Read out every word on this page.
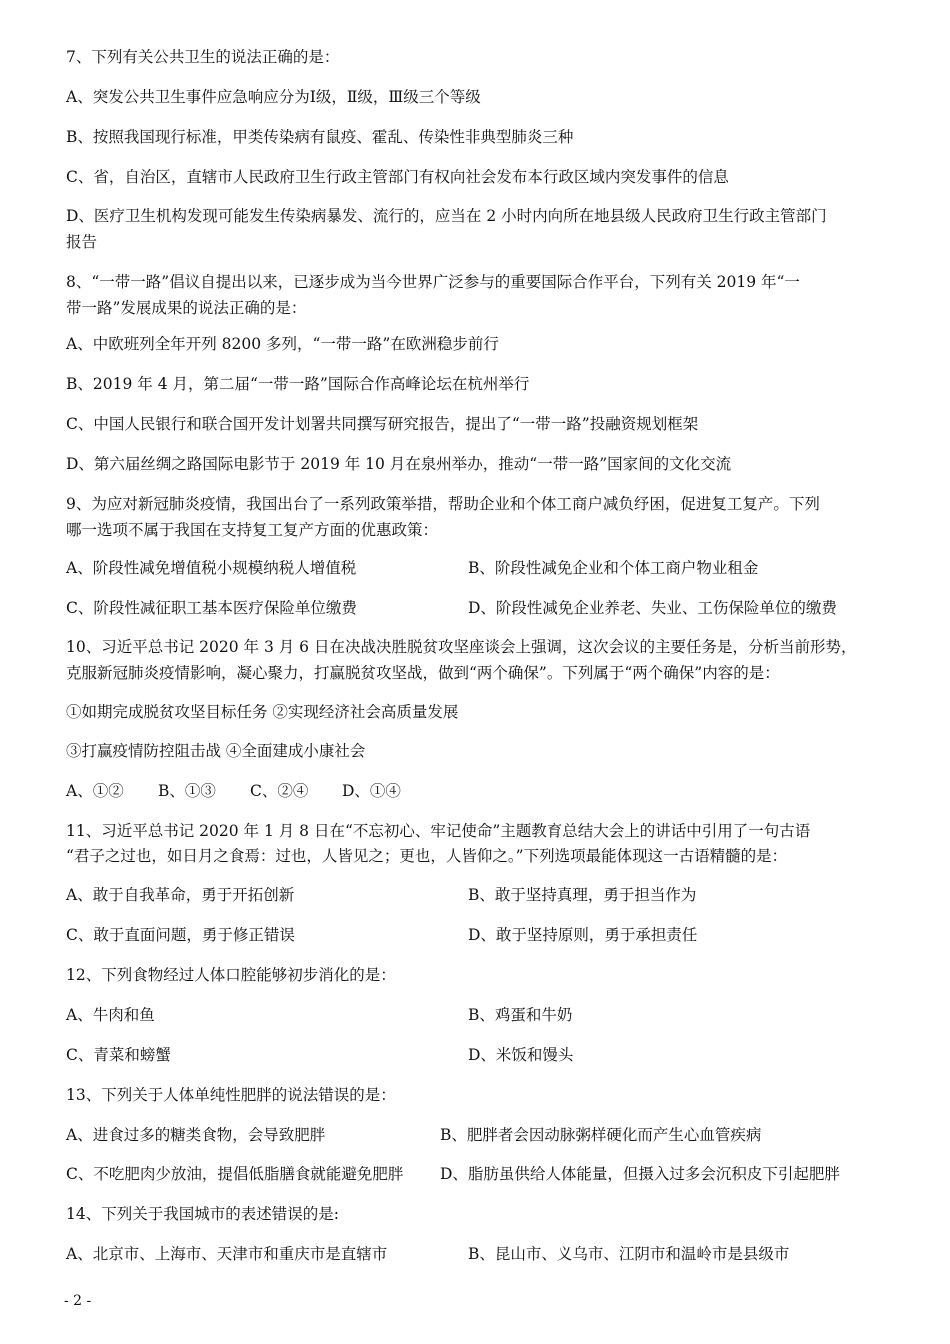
7、下列有关公共卫生的说法正确的是：
A、突发公共卫生事件应急响应分为Ⅰ级，Ⅱ级，Ⅲ级三个等级
B、按照我国现行标准，甲类传染病有鼠疫、霍乱、传染性非典型肺炎三种
C、省，自治区，直辖市人民政府卫生行政主管部门有权向社会发布本行政区域内突发事件的信息
D、医疗卫生机构发现可能发生传染病暴发、流行的，应当在 2 小时内向所在地县级人民政府卫生行政主管部门
报告
8、“一带一路”倡议自提出以来，已逐步成为当今世界广泛参与的重要国际合作平台，下列有关 2019 年“一
带一路”发展成果的说法正确的是：
A、中欧班列全年开列 8200 多列，“一带一路”在欧洲稳步前行
B、2019 年 4 月，第二届“一带一路”国际合作高峰论坛在杭州举行
C、中国人民银行和联合国开发计划署共同撰写研究报告，提出了“一带一路”投融资规划框架
D、第六届丝绸之路国际电影节于 2019 年 10 月在泉州举办，推动“一带一路”国家间的文化交流
9、为应对新冠肺炎疫情，我国出台了一系列政策举措，帮助企业和个体工商户减负纾困，促进复工复产。下列
哪一选项不属于我国在支持复工复产方面的优惠政策：
A、阶段性减免增值税小规模纳税人增值税	B、阶段性减免企业和个体工商户物业租金
C、阶段性减征职工基本医疗保险单位缴费	D、阶段性减免企业养老、失业、工伤保险单位的缴费
10、习近平总书记 2020 年 3 月 6 日在决战决胜脱贫攻坚座谈会上强调，这次会议的主要任务是，分析当前形势，
克服新冠肺炎疫情影响，凝心聚力，打赢脱贫攻坚战，做到“两个确保”。下列属于“两个确保”内容的是：
①如期完成脱贫攻坚目标任务 ②实现经济社会高质量发展
③打赢疫情防控阻击战 ④全面建成小康社会
A、①② B、①③ C、②④ D、①④
11、习近平总书记 2020 年 1 月 8 日在“不忘初心、牢记使命”主题教育总结大会上的讲话中引用了一句古语
“君子之过也，如日月之食焉：过也，人皆见之；更也，人皆仰之。”下列选项最能体现这一古语精髓的是：
A、敢于自我革命，勇于开拓创新	B、敢于坚持真理，勇于担当作为
C、敢于直面问题，勇于修正错误	D、敢于坚持原则，勇于承担责任
12、下列食物经过人体口腔能够初步消化的是：
A、牛肉和鱼	B、鸡蛋和牛奶
C、青菜和螃蟹	D、米饭和馒头
13、下列关于人体单纯性肥胖的说法错误的是：
A、进食过多的糖类食物，会导致肥胖	B、肥胖者会因动脉粥样硬化而产生心血管疾病
C、不吃肥肉少放油，提倡低脂膳食就能避免肥胖 D、脂肪虽供给人体能量，但摄入过多会沉积皮下引起肥胖
14、下列关于我国城市的表述错误的是:
A、北京市、上海市、天津市和重庆市是直辖市	B、昆山市、义乌市、江阴市和温岭市是县级市
- 2 -
